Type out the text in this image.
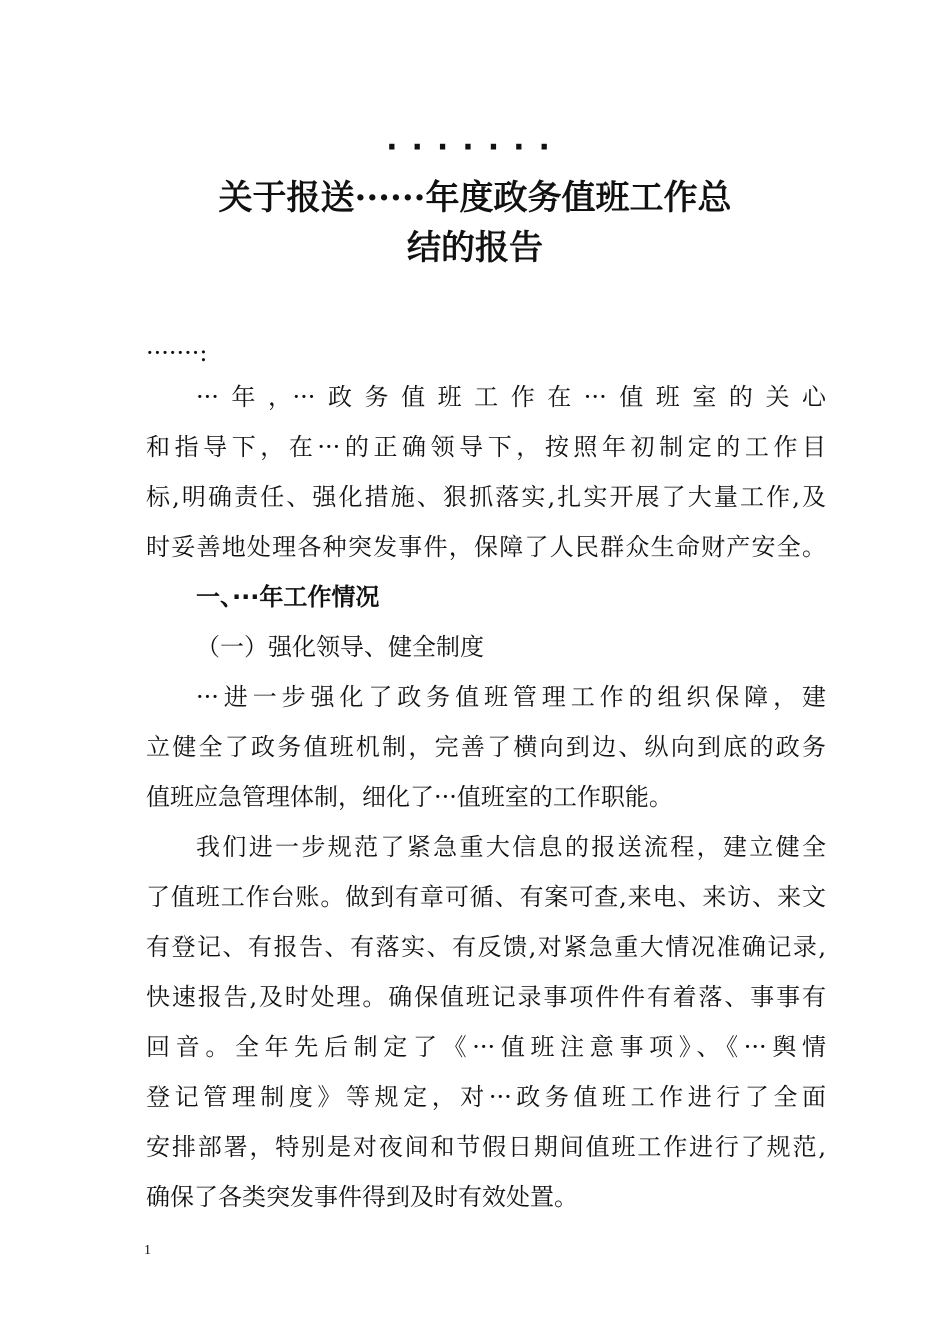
·······
关于报送······年度政务值班工作总
结的报告
·······:
···年，···政务值班工作在···值班室的关心
和指导下，在···的正确领导下，按照年初制定的工作目
标,明确责任、强化措施、狠抓落实,扎实开展了大量工作,及
时妥善地处理各种突发事件，保障了人民群众生命财产安全。
一、···年工作情况
（一）强化领导、健全制度
···进一步强化了政务值班管理工作的组织保障，建
立健全了政务值班机制，完善了横向到边、纵向到底的政务
值班应急管理体制，细化了···值班室的工作职能。
我们进一步规范了紧急重大信息的报送流程，建立健全
了值班工作台账。做到有章可循、有案可查,来电、来访、来文
有登记、有报告、有落实、有反馈,对紧急重大情况准确记录,
快速报告,及时处理。确保值班记录事项件件有着落、事事有
回音。全年先后制定了《···值班注意事项》、《···舆情
登记管理制度》等规定，对···政务值班工作进行了全面
安排部署，特别是对夜间和节假日期间值班工作进行了规范,
确保了各类突发事件得到及时有效处置。
1
